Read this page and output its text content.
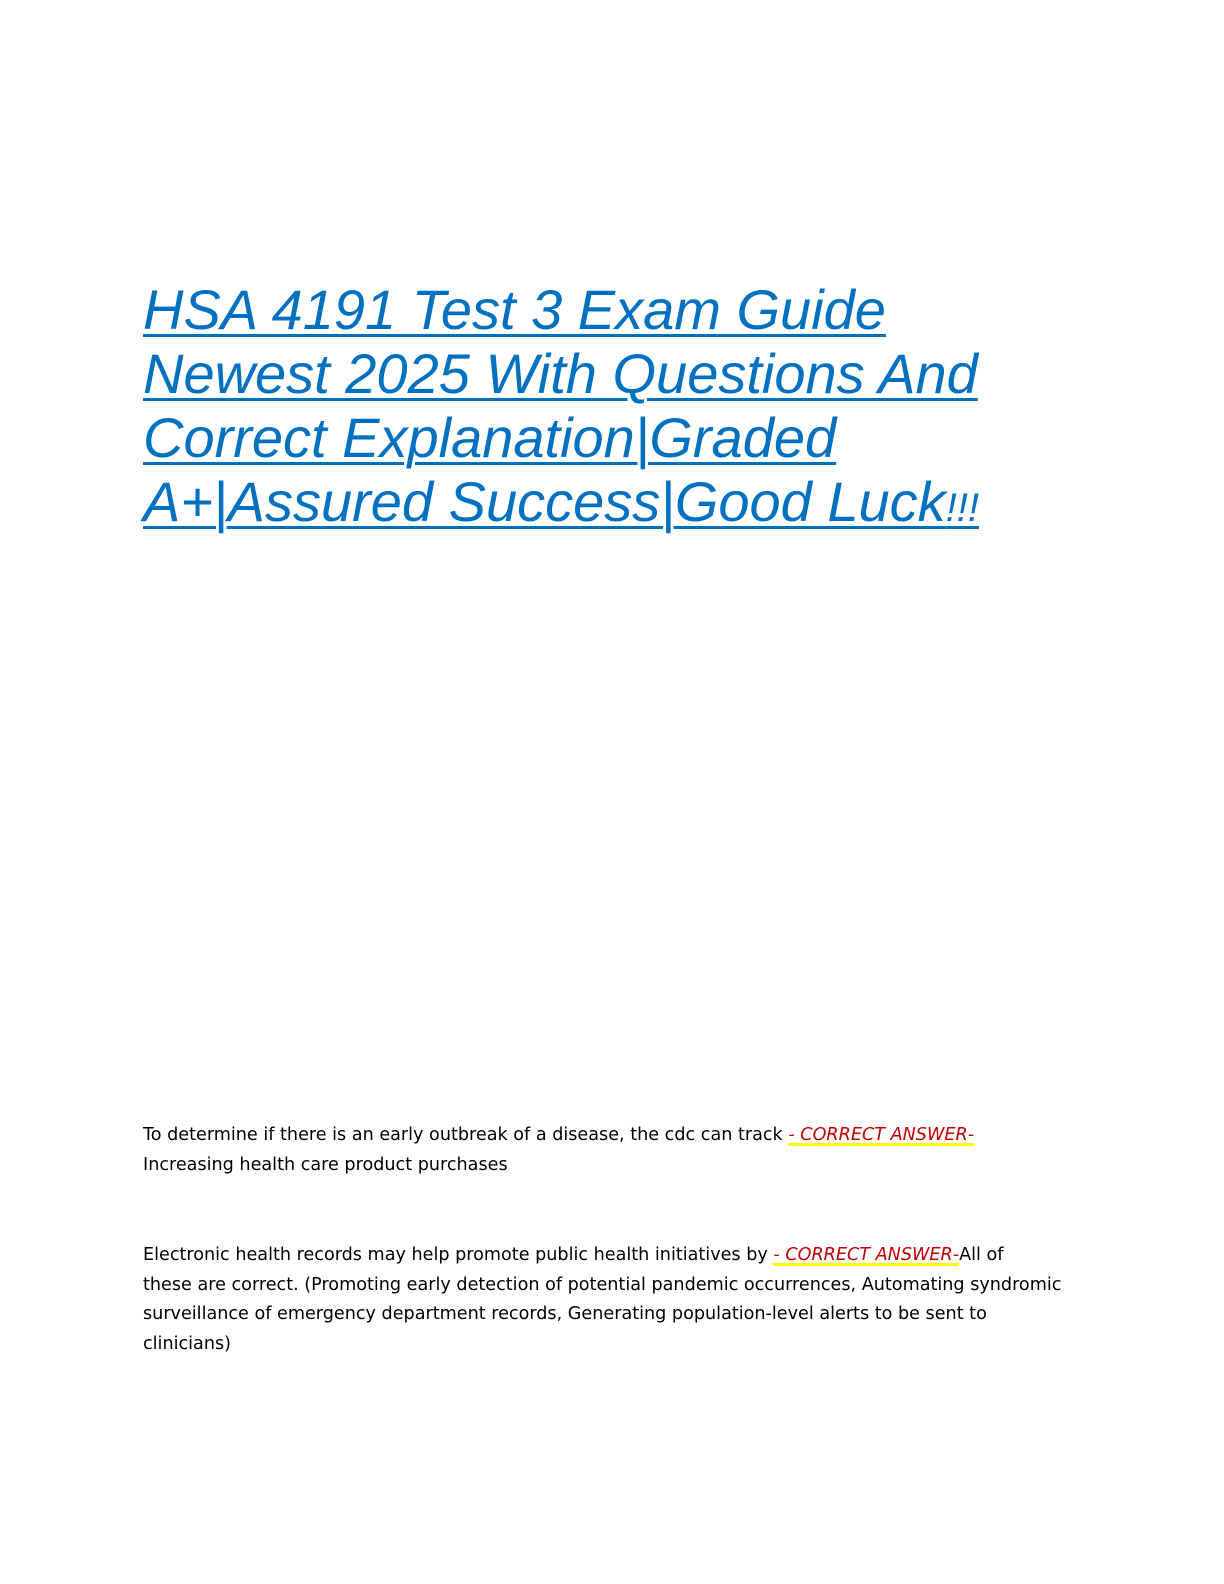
HSA 4191 Test 3 Exam Guide
Newest 2025 With Questions And
Correct Explanation|Graded
A+|Assured Success|Good Luck!!!
To determine if there is an early outbreak of a disease, the cdc can track - CORRECT ANSWER-
Increasing health care product purchases
Electronic health records may help promote public health initiatives by - CORRECT ANSWER-All of
these are correct. (Promoting early detection of potential pandemic occurrences, Automating syndromic
surveillance of emergency department records, Generating population-level alerts to be sent to
clinicians)
